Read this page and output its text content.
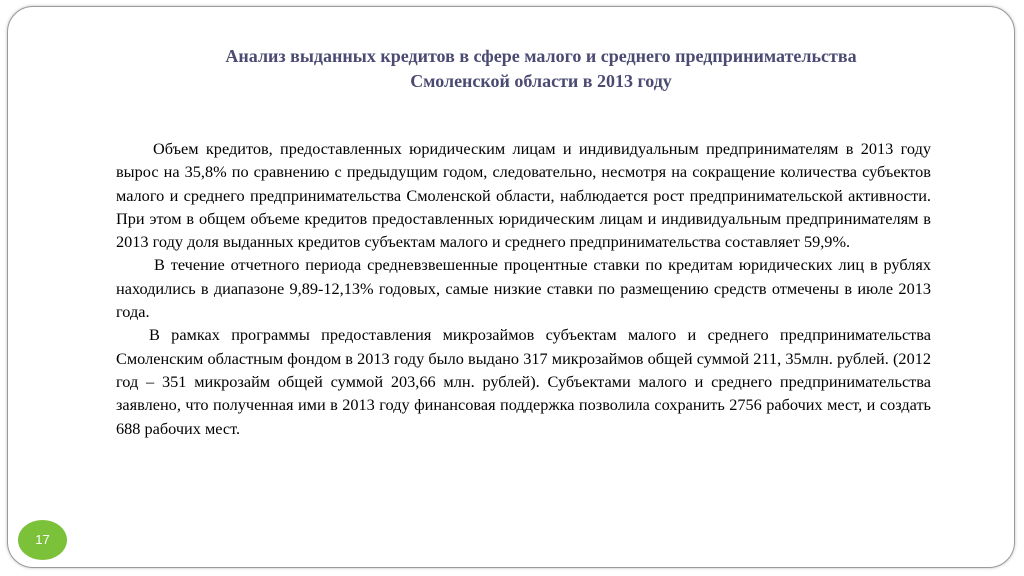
Анализ выданных кредитов в сфере малого и среднего предпринимательства
Смоленской области в 2013 году

Объем кредитов, предоставленных юридическим лицам и индивидуальным предпринимателям в 2013 году вырос на 35,8% по сравнению с предыдущим годом, следовательно, несмотря на сокращение количества субъектов малого и среднего предпринимательства Смоленской области, наблюдается рост предпринимательской активности. При этом в общем объеме кредитов предоставленных юридическим лицам и индивидуальным предпринимателям в 2013 году доля выданных кредитов субъектам малого и среднего предпринимательства составляет 59,9%.

В течение отчетного периода средневзвешенные процентные ставки по кредитам юридических лиц в рублях находились в диапазоне 9,89-12,13% годовых, самые низкие ставки по размещению средств отмечены в июле 2013 года.

В рамках программы предоставления микрозаймов субъектам малого и среднего предпринимательства Смоленским областным фондом в 2013 году было выдано 317 микрозаймов общей суммой 211, 35млн. рублей. (2012 год – 351 микрозайм общей суммой 203,66 млн. рублей). Субъектами малого и среднего предпринимательства заявлено, что полученная ими в 2013 году финансовая поддержка позволила сохранить 2756 рабочих мест, и создать 688 рабочих мест.

17
